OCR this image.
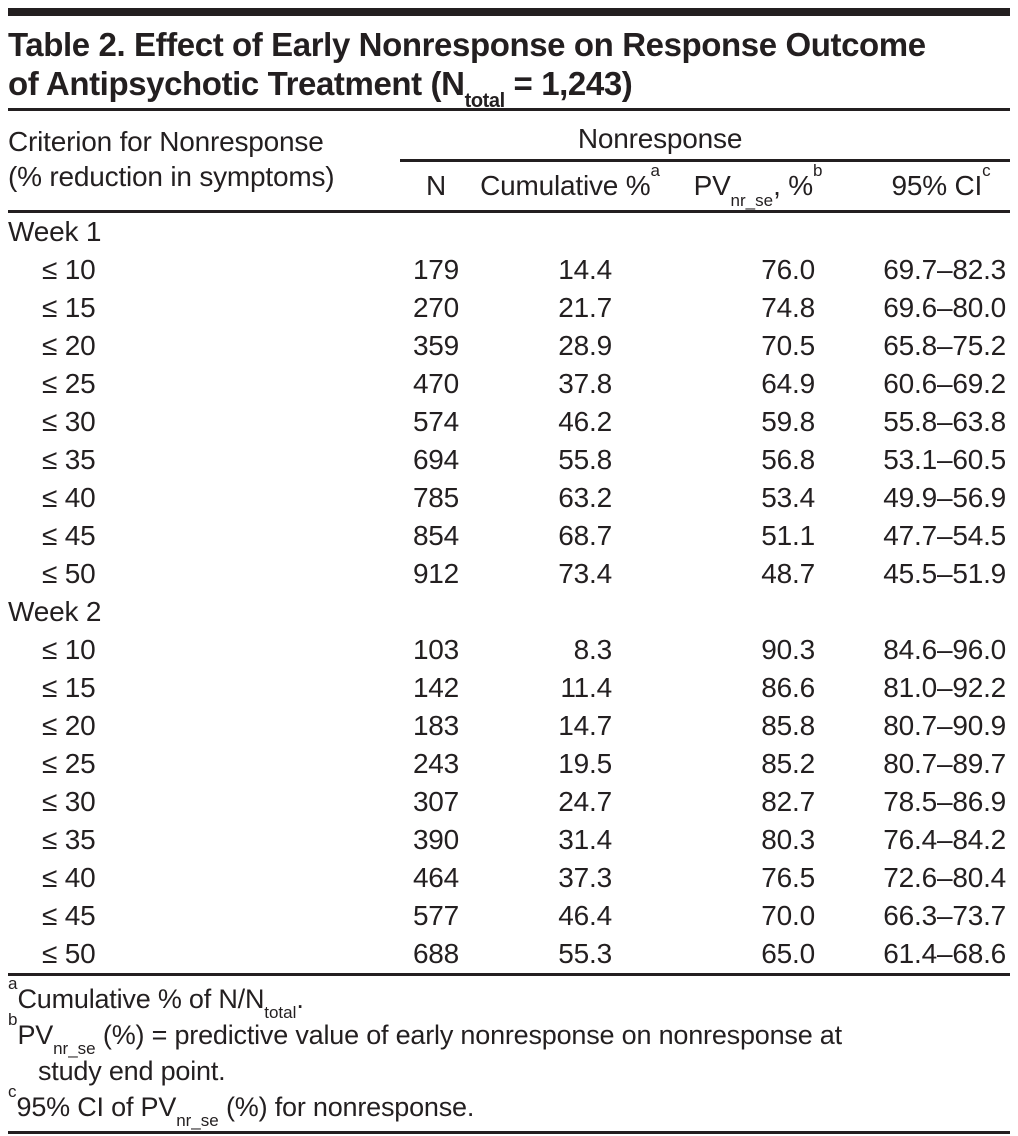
Table 2. Effect of Early Nonresponse on Response Outcome
of Antipsychotic Treatment $(N_{total} = 1,243)$
Criterion for Nonresponse
(% reduction in symptoms)	Nonresponse			
	N	Cumulative %$^a$	$PV_{nr\_se}$, %$^b$	95% $CI^c$
Week 1				
≤ 10	179	14.4	76.0	69.7–82.3
≤ 15	270	21.7	74.8	69.6–80.0
≤ 20	359	28.9	70.5	65.8–75.2
≤ 25	470	37.8	64.9	60.6–69.2
≤ 30	574	46.2	59.8	55.8–63.8
≤ 35	694	55.8	56.8	53.1–60.5
≤ 40	785	63.2	53.4	49.9–56.9
≤ 45	854	68.7	51.1	47.7–54.5
≤ 50	912	73.4	48.7	45.5–51.9
Week 2				
≤ 10	103	8.3	90.3	84.6–96.0
≤ 15	142	11.4	86.6	81.0–92.2
≤ 20	183	14.7	85.8	80.7–90.9
≤ 25	243	19.5	85.2	80.7–89.7
≤ 30	307	24.7	82.7	78.5–86.9
≤ 35	390	31.4	80.3	76.4–84.2
≤ 40	464	37.3	76.5	72.6–80.4
≤ 45	577	46.4	70.0	66.3–73.7
≤ 50	688	55.3	65.0	61.4–68.6

$^a$Cumulative % of $N/N_{total}$.

$^bPV_{nr\_se}$ (%) = predictive value of early nonresponse on nonresponse at
study end point.

$^c$95% CI of $PV_{nr\_se}$ (%) for nonresponse.
